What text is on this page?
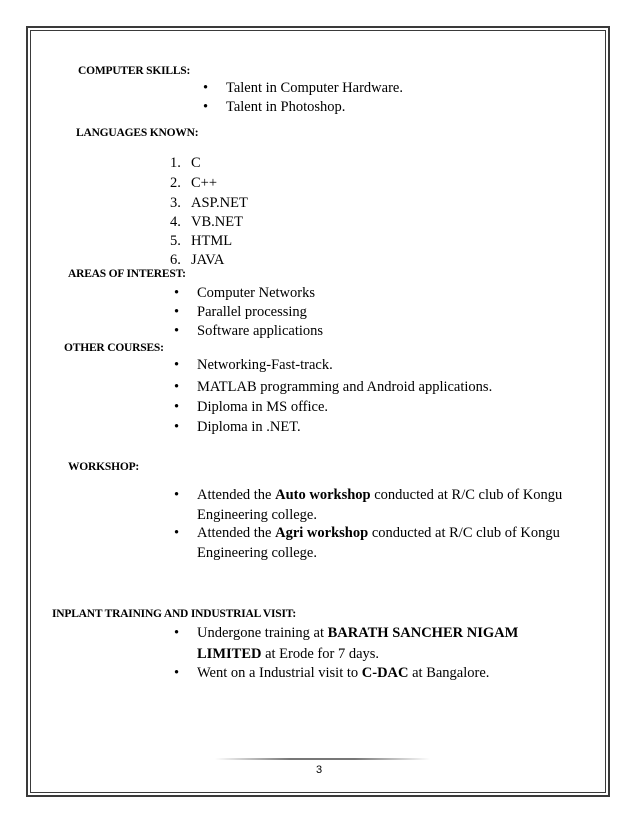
COMPUTER SKILLS:
• Talent in Computer Hardware.
• Talent in Photoshop.
LANGUAGES KNOWN:
1. C
2. C++
3. ASP.NET
4. VB.NET
5. HTML
6. JAVA
AREAS OF INTEREST:
• Computer Networks
• Parallel processing
• Software applications
OTHER COURSES:
• Networking-Fast-track.
• MATLAB programming and Android applications.
• Diploma in MS office.
• Diploma in .NET.
WORKSHOP:
• Attended the Auto workshop conducted at R/C club of Kongu
Engineering college.
• Attended the Agri workshop conducted at R/C club of Kongu
Engineering college.
INPLANT TRAINING AND INDUSTRIAL VISIT:
• Undergone training at BARATH SANCHER NIGAM
LIMITED at Erode for 7 days.
• Went on a Industrial visit to C-DAC at Bangalore.
3
